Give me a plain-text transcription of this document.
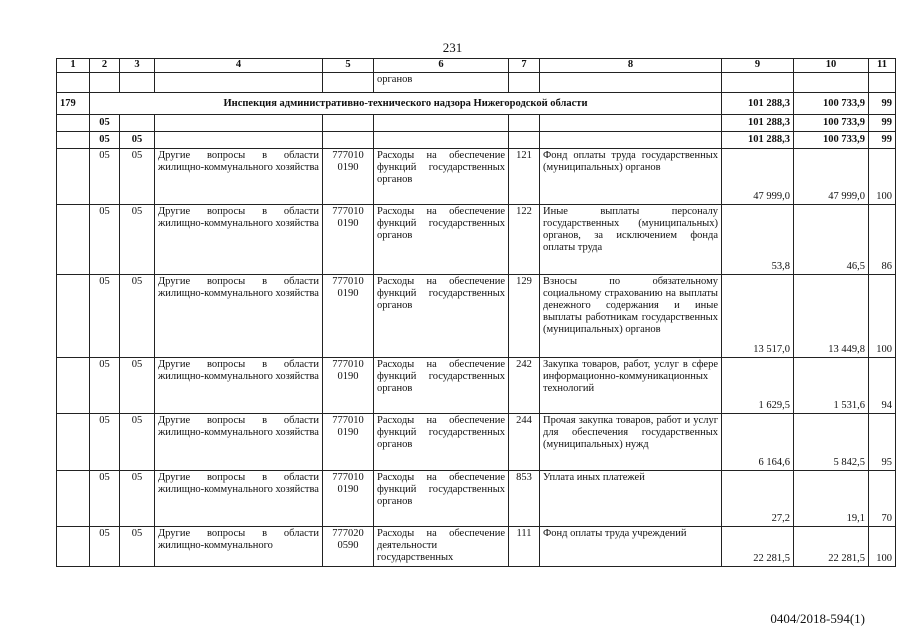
231
1	2	3	4	5	6	7	8	9	10	11
					органов					
179	Инспекция административно-технического надзора Нижегородской области							101 288,3	100 733,9	99
	05							101 288,3	100 733,9	99
	05	05						101 288,3	100 733,9	99
	05	05	Другие вопросы в области жилищно-коммунального хозяйства	777010 0190	Расходы на обеспечение функций государственных органов	121	Фонд оплаты труда государственных (муниципальных) органов	47 999,0	47 999,0	100
	05	05	Другие вопросы в области жилищно-коммунального хозяйства	777010 0190	Расходы на обеспечение функций государственных органов	122	Иные выплаты персоналу государственных (муниципальных) органов, за исключением фонда оплаты труда	53,8	46,5	86
	05	05	Другие вопросы в области жилищно-коммунального хозяйства	777010 0190	Расходы на обеспечение функций государственных органов	129	Взносы по обязательному социальному страхованию на выплаты денежного содержания и иные выплаты работникам государственных (муниципальных) органов	13 517,0	13 449,8	100
	05	05	Другие вопросы в области жилищно-коммунального хозяйства	777010 0190	Расходы на обеспечение функций государственных органов	242	Закупка товаров, работ, услуг в сфере информационно-коммуникационных технологий	1 629,5	1 531,6	94
	05	05	Другие вопросы в области жилищно-коммунального хозяйства	777010 0190	Расходы на обеспечение функций государственных органов	244	Прочая закупка товаров, работ и услуг для обеспечения государственных (муниципальных) нужд	6 164,6	5 842,5	95
	05	05	Другие вопросы в области жилищно-коммунального хозяйства	777010 0190	Расходы на обеспечение функций государственных органов	853	Уплата иных платежей	27,2	19,1	70
	05	05	Другие вопросы в области жилищно-коммунального	777020 0590	Расходы на обеспечение деятельности государственных	111	Фонд оплаты труда учреждений	22 281,5	22 281,5	100
0404/2018-594(1)
